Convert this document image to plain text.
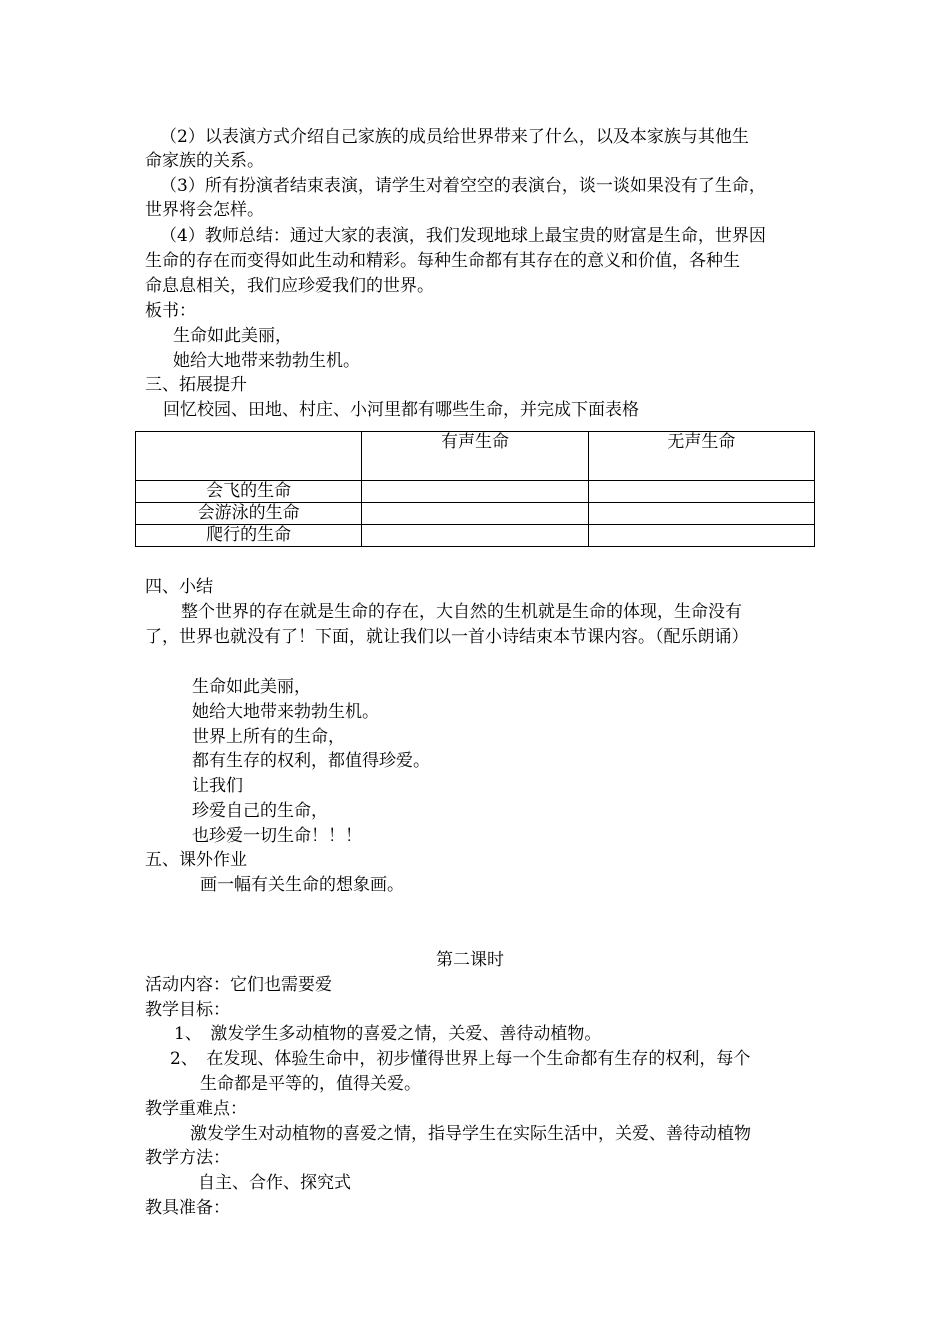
（2）以表演方式介绍自己家族的成员给世界带来了什么，以及本家族与其他生
命家族的关系。
（3）所有扮演者结束表演，请学生对着空空的表演台，谈一谈如果没有了生命，
世界将会怎样。
（4）教师总结：通过大家的表演，我们发现地球上最宝贵的财富是生命，世界因
生命的存在而变得如此生动和精彩。每种生命都有其存在的意义和价值，各种生
命息息相关，我们应珍爱我们的世界。
板书：
生命如此美丽，
她给大地带来勃勃生机。
三、拓展提升
回忆校园、田地、村庄、小河里都有哪些生命，并完成下面表格
	有声生命	无声生命
会飞的生命		
会游泳的生命		
爬行的生命		
四、小结
整个世界的存在就是生命的存在，大自然的生机就是生命的体现，生命没有
了，世界也就没有了！下面，就让我们以一首小诗结束本节课内容。（配乐朗诵）
生命如此美丽，
她给大地带来勃勃生机。
世界上所有的生命，
都有生存的权利，都值得珍爱。
让我们
珍爱自己的生命，
也珍爱一切生命！！！
五、课外作业
画一幅有关生命的想象画。
第二课时
活动内容：它们也需要爱
教学目标：
1、　激发学生多动植物的喜爱之情，关爱、善待动植物。
2、　在发现、体验生命中，初步懂得世界上每一个生命都有生存的权利，每个
生命都是平等的，值得关爱。
教学重难点：
激发学生对动植物的喜爱之情，指导学生在实际生活中，关爱、善待动植物
教学方法：
自主、合作、探究式
教具准备：
